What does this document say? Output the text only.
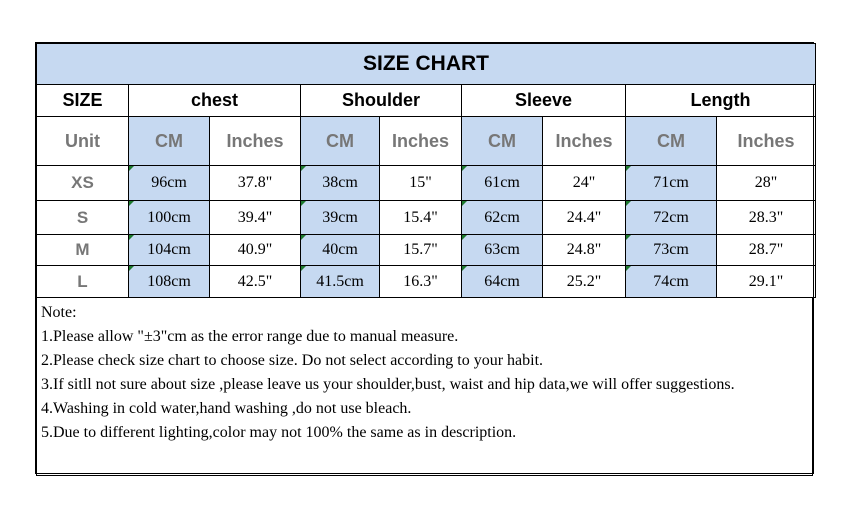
SIZE CHART								
SIZE	chest		Shoulder		Sleeve		Length	
Unit	CM	Inches	CM	Inches	CM	Inches	CM	Inches
XS	96cm	37.8"	38cm	15"	61cm	24"	71cm	28"
S	100cm	39.4"	39cm	15.4"	62cm	24.4"	72cm	28.3"
M	104cm	40.9"	40cm	15.7"	63cm	24.8"	73cm	28.7"
L	108cm	42.5"	41.5cm	16.3"	64cm	25.2"	74cm	29.1"
Note:
1.Please allow "±3"cm as the error range due to manual measure.
2.Please check size chart to choose size. Do not select according to your habit.
3.If sitll not sure about size ,please leave us your shoulder,bust, waist and hip data,we will offer suggestions.
4.Washing in cold water,hand washing ,do not use bleach.
5.Due to different lighting,color may not 100% the same as in description.
